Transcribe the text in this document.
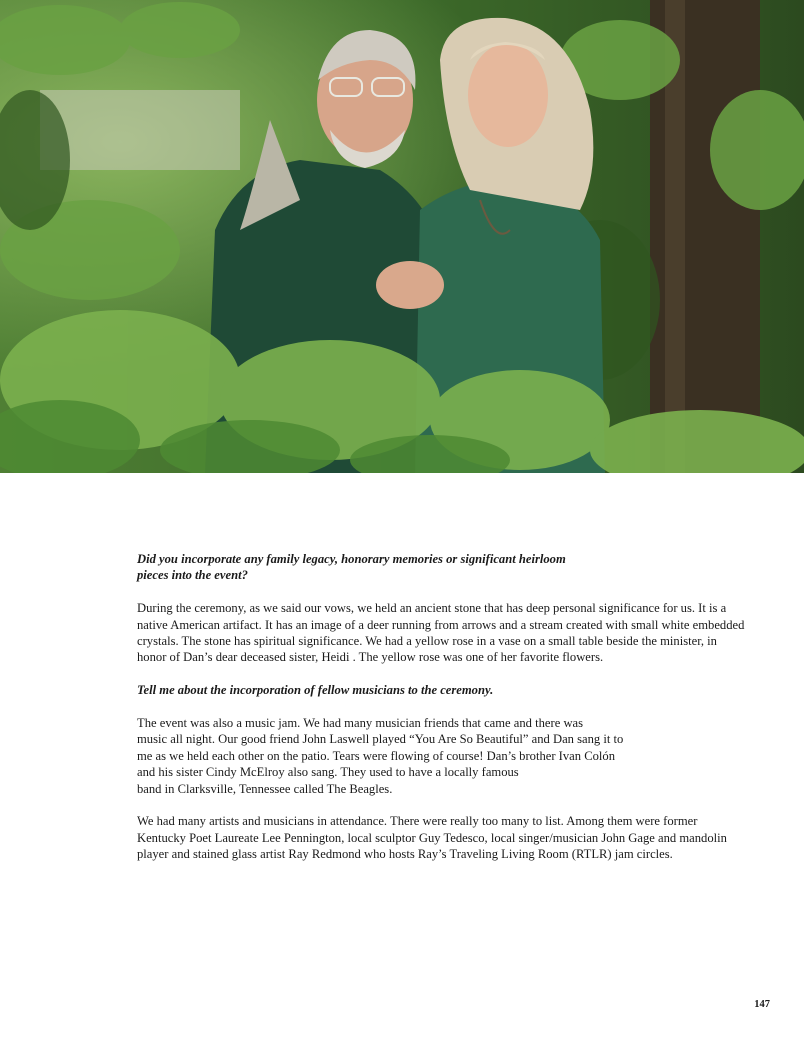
Did you incorporate any family legacy, honorary memories or significant heirloom
pieces into the event?

During the ceremony, as we said our vows, we held an ancient stone that has deep personal significance for us. It is a native American artifact. It has an image of a deer running from arrows and a stream created with small white embedded crystals. The stone has spiritual significance. We had a yellow rose in a vase on a small table beside the minister, in honor of Dan’s dear deceased sister, Heidi . The yellow rose was one of her favorite flowers.

Tell me about the incorporation of fellow musicians to the ceremony.

The event was also a music jam. We had many musician friends that came and there was
music all night. Our good friend John Laswell played “You Are So Beautiful” and Dan sang it to
me as we held each other on the patio. Tears were flowing of course! Dan’s brother Ivan Colón
and his sister Cindy McElroy also sang. They used to have a locally famous
band in Clarksville, Tennessee called The Beagles.

We had many artists and musicians in attendance. There were really too many to list. Among them were former Kentucky Poet Laureate Lee Pennington, local sculptor Guy Tedesco, local singer/musician John Gage and mandolin player and stained glass artist Ray Redmond who hosts Ray’s Traveling Living Room (RTLR) jam circles.

147
